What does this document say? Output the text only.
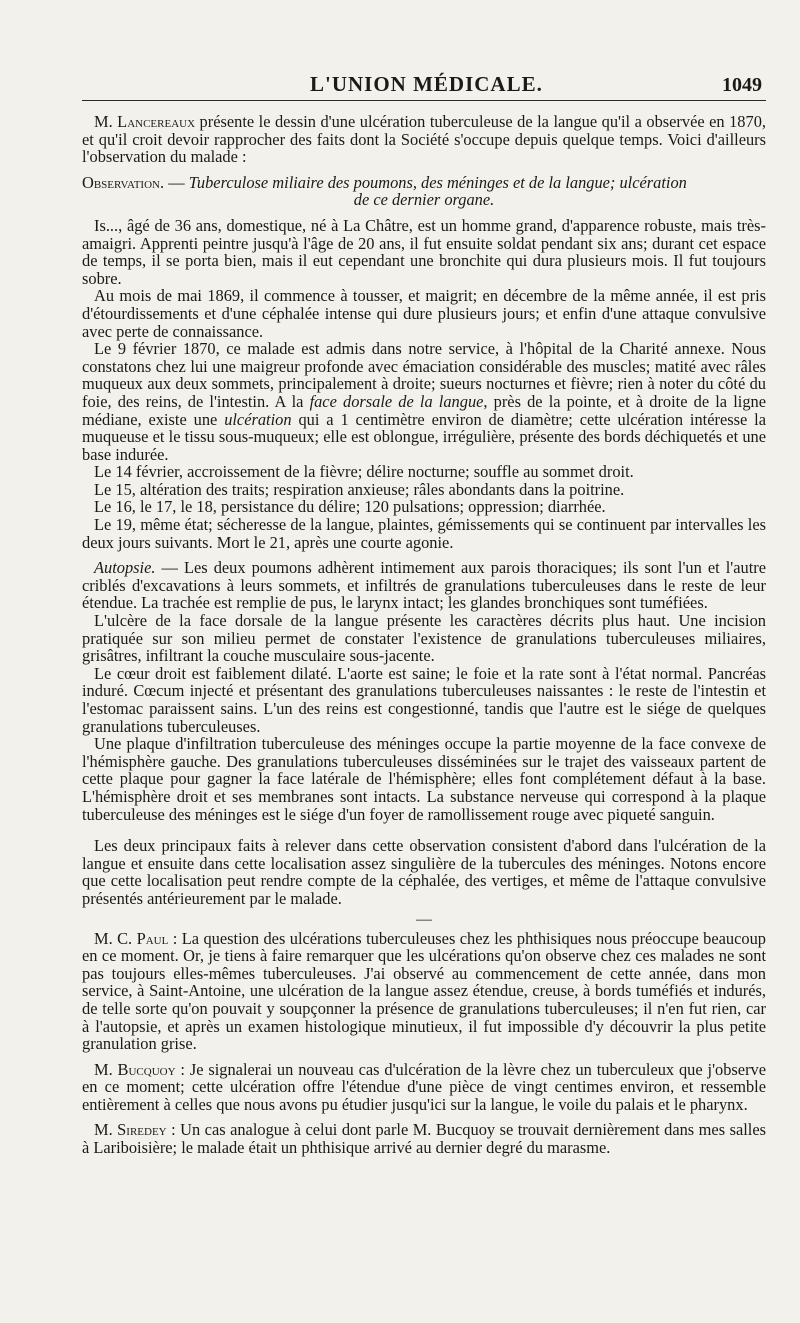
L'UNION MÉDICALE.	1049

M. Lancereaux présente le dessin d'une ulcération tuberculeuse de la langue qu'il a observée en 1870, et qu'il croit devoir rapprocher des faits dont la Société s'occupe depuis quelque temps. Voici d'ailleurs l'observation du malade :

Observation. — Tuberculose miliaire des poumons, des méninges et de la langue; ulcération

de ce dernier organe.

Is..., âgé de 36 ans, domestique, né à La Châtre, est un homme grand, d'apparence robuste, mais très-amaigri. Apprenti peintre jusqu'à l'âge de 20 ans, il fut ensuite soldat pendant six ans; durant cet espace de temps, il se porta bien, mais il eut cependant une bronchite qui dura plusieurs mois. Il fut toujours sobre.

Au mois de mai 1869, il commence à tousser, et maigrit; en décembre de la même année, il est pris d'étourdissements et d'une céphalée intense qui dure plusieurs jours; et enfin d'une attaque convulsive avec perte de connaissance.

Le 9 février 1870, ce malade est admis dans notre service, à l'hôpital de la Charité annexe. Nous constatons chez lui une maigreur profonde avec émaciation considérable des muscles; matité avec râles muqueux aux deux sommets, principalement à droite; sueurs nocturnes et fièvre; rien à noter du côté du foie, des reins, de l'intestin. A la face dorsale de la langue, près de la pointe, et à droite de la ligne médiane, existe une ulcération qui a 1 centimètre environ de diamètre; cette ulcération intéresse la muqueuse et le tissu sous-muqueux; elle est oblongue, irrégulière, présente des bords déchiquetés et une base indurée.

Le 14 février, accroissement de la fièvre; délire nocturne; souffle au sommet droit.

Le 15, altération des traits; respiration anxieuse; râles abondants dans la poitrine.

Le 16, le 17, le 18, persistance du délire; 120 pulsations; oppression; diarrhée.

Le 19, même état; sécheresse de la langue, plaintes, gémissements qui se continuent par intervalles les deux jours suivants. Mort le 21, après une courte agonie.

Autopsie. — Les deux poumons adhèrent intimement aux parois thoraciques; ils sont l'un et l'autre criblés d'excavations à leurs sommets, et infiltrés de granulations tuberculeuses dans le reste de leur étendue. La trachée est remplie de pus, le larynx intact; les glandes bronchiques sont tuméfiées.

L'ulcère de la face dorsale de la langue présente les caractères décrits plus haut. Une incision pratiquée sur son milieu permet de constater l'existence de granulations tuberculeuses miliaires, grisâtres, infiltrant la couche musculaire sous-jacente.

Le cœur droit est faiblement dilaté. L'aorte est saine; le foie et la rate sont à l'état normal. Pancréas induré. Cœcum injecté et présentant des granulations tuberculeuses naissantes : le reste de l'intestin et l'estomac paraissent sains. L'un des reins est congestionné, tandis que l'autre est le siége de quelques granulations tuberculeuses.

Une plaque d'infiltration tuberculeuse des méninges occupe la partie moyenne de la face convexe de l'hémisphère gauche. Des granulations tuberculeuses disséminées sur le trajet des vaisseaux partent de cette plaque pour gagner la face latérale de l'hémisphère; elles font complétement défaut à la base. L'hémisphère droit et ses membranes sont intacts. La substance nerveuse qui correspond à la plaque tuberculeuse des méninges est le siége d'un foyer de ramollissement rouge avec piqueté sanguin.

Les deux principaux faits à relever dans cette observation consistent d'abord dans l'ulcération de la langue et ensuite dans cette localisation assez singulière de la tubercules des méninges. Notons encore que cette localisation peut rendre compte de la céphalée, des vertiges, et même de l'attaque convulsive présentés antérieurement par le malade.

—

M. C. Paul : La question des ulcérations tuberculeuses chez les phthisiques nous préoccupe beaucoup en ce moment. Or, je tiens à faire remarquer que les ulcérations qu'on observe chez ces malades ne sont pas toujours elles-mêmes tuberculeuses. J'ai observé au commencement de cette année, dans mon service, à Saint-Antoine, une ulcération de la langue assez étendue, creuse, à bords tuméfiés et indurés, de telle sorte qu'on pouvait y soupçonner la présence de granulations tuberculeuses; il n'en fut rien, car à l'autopsie, et après un examen histologique minutieux, il fut impossible d'y découvrir la plus petite granulation grise.

M. Bucquoy : Je signalerai un nouveau cas d'ulcération de la lèvre chez un tuberculeux que j'observe en ce moment; cette ulcération offre l'étendue d'une pièce de vingt centimes environ, et ressemble entièrement à celles que nous avons pu étudier jusqu'ici sur la langue, le voile du palais et le pharynx.

M. Siredey : Un cas analogue à celui dont parle M. Bucquoy se trouvait dernièrement dans mes salles à Lariboisière; le malade était un phthisique arrivé au dernier degré du marasme.
